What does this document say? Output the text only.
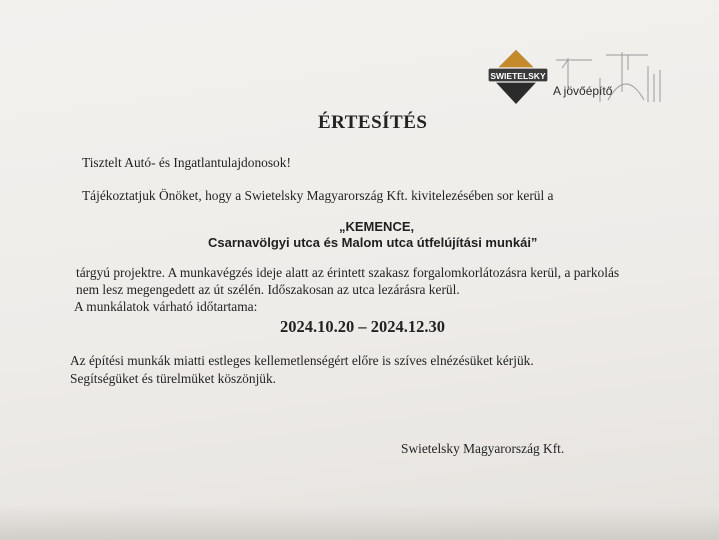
SWIETELSKY
A jövőépítő
ÉRTESÍTÉS
Tisztelt Autó- és Ingatlantulajdonosok!
Tájékoztatjuk Önöket, hogy a Swietelsky Magyarország Kft. kivitelezésében sor kerül a
„KEMENCE,
Csarnavölgyi utca és Malom utca útfelújítási munkái”
tárgyú projektre. A munkavégzés ideje alatt az érintett szakasz forgalomkorlátozásra kerül, a parkolás
nem lesz megengedett az út szélén. Időszakosan az utca lezárásra kerül.
A munkálatok várható időtartama:
2024.10.20 – 2024.12.30
Az építési munkák miatti estleges kellemetlenségért előre is szíves elnézésüket kérjük.
Segítségüket és türelmüket köszönjük.
Swietelsky Magyarország Kft.
